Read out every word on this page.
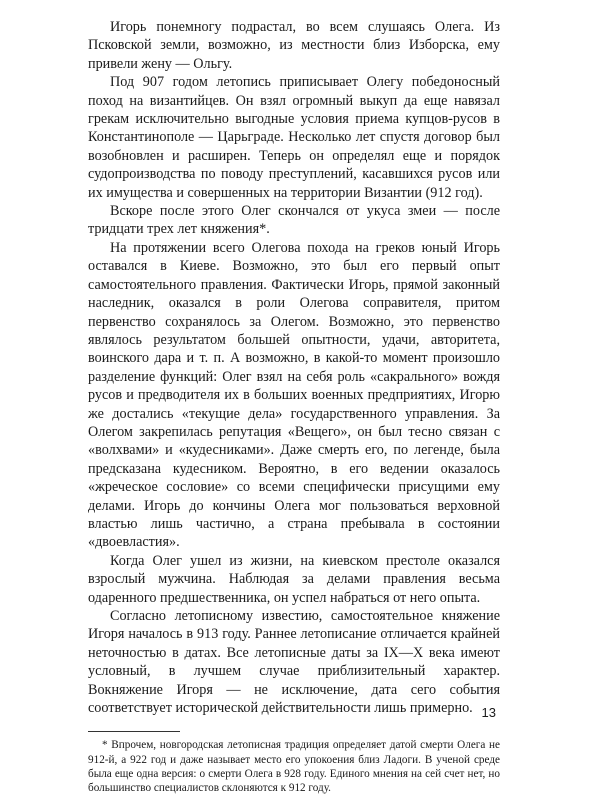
Игорь понемногу подрастал, во всем слушаясь Олега. Из Псковской земли, возможно, из местности близ Изборска, ему привели жену — Ольгу.

Под 907 годом летопись приписывает Олегу победоносный поход на византийцев. Он взял огромный выкуп да еще навязал грекам исключительно выгодные условия приема купцов-русов в Константинополе — Царьграде. Несколько лет спустя договор был возобновлен и расширен. Теперь он определял еще и порядок судопроизводства по поводу преступлений, касавшихся русов или их имущества и совершенных на территории Византии (912 год).

Вскоре после этого Олег скончался от укуса змеи — после тридцати трех лет княжения*.

На протяжении всего Олегова похода на греков юный Игорь оставался в Киеве. Возможно, это был его первый опыт самостоятельного правления. Фактически Игорь, прямой законный наследник, оказался в роли Олегова соправителя, притом первенство сохранялось за Олегом. Возможно, это первенство являлось результатом большей опытности, удачи, авторитета, воинского дара и т. п. А возможно, в какой-то момент произошло разделение функций: Олег взял на себя роль «сакрального» вождя русов и предводителя их в больших военных предприятиях, Игорю же достались «текущие дела» государственного управления. За Олегом закрепилась репутация «Вещего», он был тесно связан с «волхвами» и «кудесниками». Даже смерть его, по легенде, была предсказана кудесником. Вероятно, в его ведении оказалось «жреческое сословие» со всеми специфически присущими ему делами. Игорь до кончины Олега мог пользоваться верховной властью лишь частично, а страна пребывала в состоянии «двоевластия».

Когда Олег ушел из жизни, на киевском престоле оказался взрослый мужчина. Наблюдая за делами правления весьма одаренного предшественника, он успел набраться от него опыта.

Согласно летописному известию, самостоятельное княжение Игоря началось в 913 году. Раннее летописание отличается крайней неточностью в датах. Все летописные даты за IX—X века имеют условный, в лучшем случае приблизительный характер. Вокняжение Игоря — не исключение, дата сего события соответствует исторической действительности лишь примерно.

* Впрочем, новгородская летописная традиция определяет датой смерти Олега не 912-й, а 922 год и даже называет место его упокоения близ Ладоги. В ученой среде была еще одна версия: о смерти Олега в 928 году. Единого мнения на сей счет нет, но большинство специалистов склоняются к 912 году.

13
